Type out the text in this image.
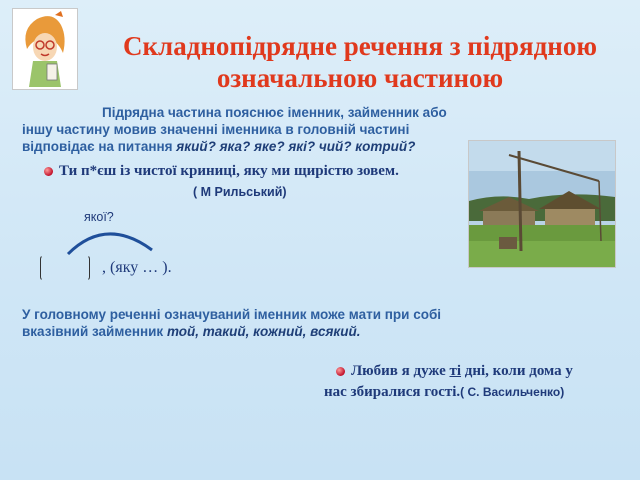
Складнопідрядне речення з підрядною
означальною частиною
Підрядна частина пояснює іменник, займенник або
іншу частину мовив значенні іменника в головній частині
відповідає на питання який? яка? яке? які? чий? котрий?
Ти п*єш із чистої криниці, яку ми щирістю зовем.
( М Рильський)
якої?
, (яку … ).
У головному реченні означуваний іменник може мати при собі
вказівний займенник той, такий, кожний, всякий.
Любив я дуже ті дні, коли дома у
нас збиралися гості.( С. Васильченко)
